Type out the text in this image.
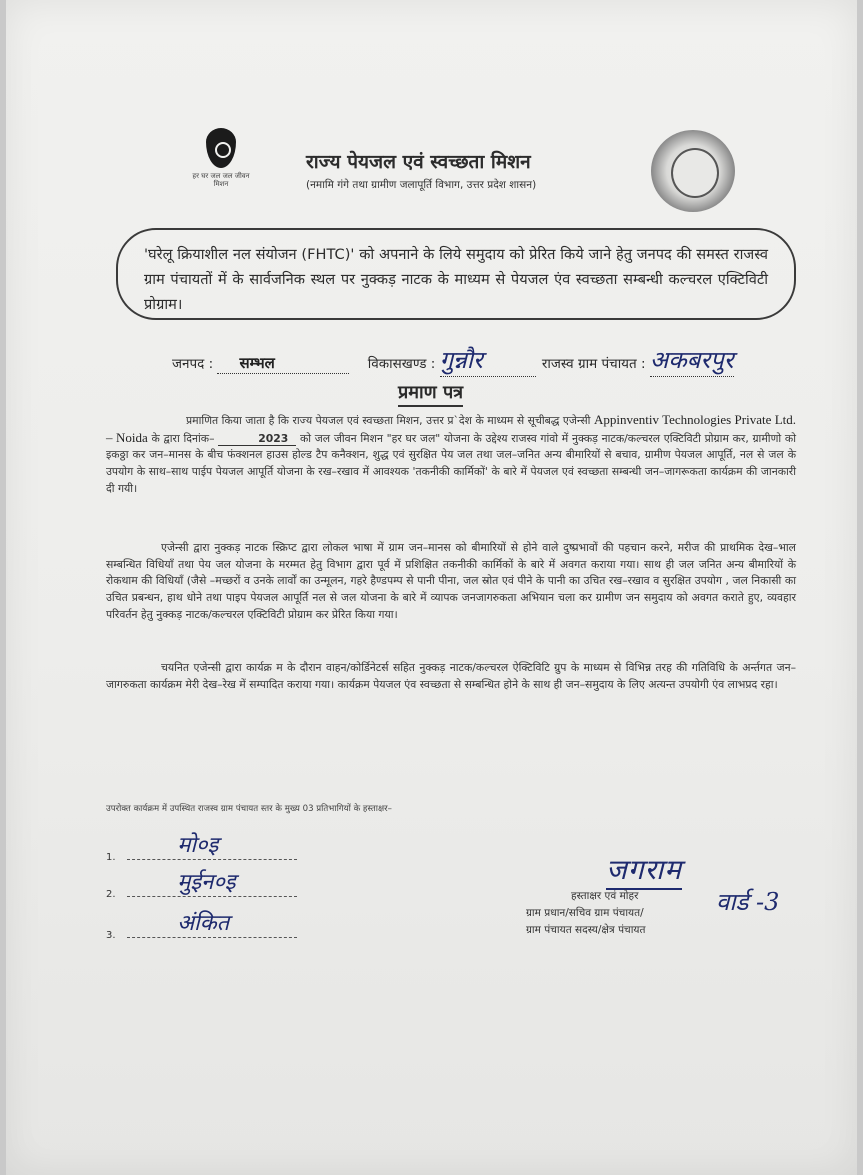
हर घर जल जल जीवन मिशन
राज्य पेयजल एवं स्वच्छता मिशन
(नमामि गंगे तथा ग्रामीण जलापूर्ति विभाग, उत्तर प्रदेश शासन)
'घरेलू क्रियाशील नल संयोजन (FHTC)' को अपनाने के लिये समुदाय को प्रेरित किये जाने हेतु जनपद की समस्त राजस्व ग्राम पंचायतों में के सार्वजनिक स्थल पर नुक्कड़ नाटक के माध्यम से पेयजल एंव स्वच्छता सम्बन्धी कल्चरल एक्टिविटी प्रोग्राम।
जनपद : सम्भल	विकासखण्ड : गुन्नौर	राजस्व ग्राम पंचायत : अकबरपुर
प्रमाण पत्र
प्रमाणित किया जाता है कि राज्य पेयजल एवं स्वच्छता मिशन, उत्तर प्र`देश के माध्यम से सूचीबद्ध एजेन्सी Appinventiv Technologies Private Ltd. – Noida के द्वारा दिनांक–	2023 को जल जीवन मिशन "हर घर जल" योजना के उद्देश्य राजस्व गांवो में नुक्कड़ नाटक/कल्चरल एक्टिविटी प्रोग्राम कर, ग्रामीणो को इकठ्ठा कर जन–मानस के बीच फंक्शनल हाउस होल्ड टैप कनैक्शन, शुद्ध एवं सुरक्षित पेय जल तथा जल–जनित अन्य बीमारियों से बचाव, ग्रामीण पेयजल आपूर्ति, नल से जल के उपयोग के साथ–साथ पाईप पेयजल आपूर्ति योजना के रख–रखाव में आवश्यक 'तकनीकी कार्मिकों' के बारे में पेयजल एवं स्वच्छता सम्बन्धी जन–जागरूकता कार्यक्रम की जानकारी दी गयी।
एजेन्सी द्वारा नुक्कड़ नाटक स्क्रिप्ट द्वारा लोकल भाषा में ग्राम जन–मानस को बीमारियों से होने वाले दुष्प्रभावों की पहचान करने, मरीज की प्राथमिक देख–भाल सम्बन्धित विधियाँ तथा पेय जल योजना के मरम्मत हेतु विभाग द्वारा पूर्व में प्रशिक्षित तकनीकी कार्मिकों के बारे में अवगत कराया गया। साथ ही जल जनित अन्य बीमारियों के रोकथाम की विधियाँ (जैसे –मच्छरों व उनके लार्वों का उन्मूलन, गहरे हैण्डपम्प से पानी पीना, जल स्रोत एवं पीने के पानी का उचित रख–रखाव व सुरक्षित उपयोग , जल निकासी का उचित प्रबन्धन, हाथ धोने तथा पाइप पेयजल आपूर्ति नल से जल योजना के बारे में व्यापक जनजागरुकता अभियान चला कर ग्रामीण जन समुदाय को अवगत कराते हुए, व्यवहार परिवर्तन हेतु नुक्कड़ नाटक/कल्चरल एक्टिविटी प्रोग्राम कर प्रेरित किया गया।
चयनित एजेन्सी द्वारा कार्यक्र म के दौरान वाहन/कोर्डिनेटर्स सहित नुक्कड़ नाटक/कल्चरल ऐक्टिविटि ग्रुप के माध्यम से विभिन्न तरह की गतिविधि के अर्न्तगत जन–जागरुकता कार्यक्रम मेरी देख–रेख में सम्पादित कराया गया। कार्यक्रम पेयजल एंव स्वच्छता से सम्बन्धित होने के साथ ही जन–समुदाय के लिए अत्यन्त उपयोगी एंव लाभप्रद रहा।
उपरोक्त कार्यक्रम में उपस्थित राजस्व ग्राम पंचायत स्तर के मुख्य 03 प्रतिभागियों के हस्ताक्षर–
1.	मो०इ
2.	मुईन०इ
3.	अंकित
जगराम
वार्ड -3
हस्ताक्षर एवं मोहर
ग्राम प्रधान/सचिव ग्राम पंचायत/
ग्राम पंचायत सदस्य/क्षेत्र पंचायत
